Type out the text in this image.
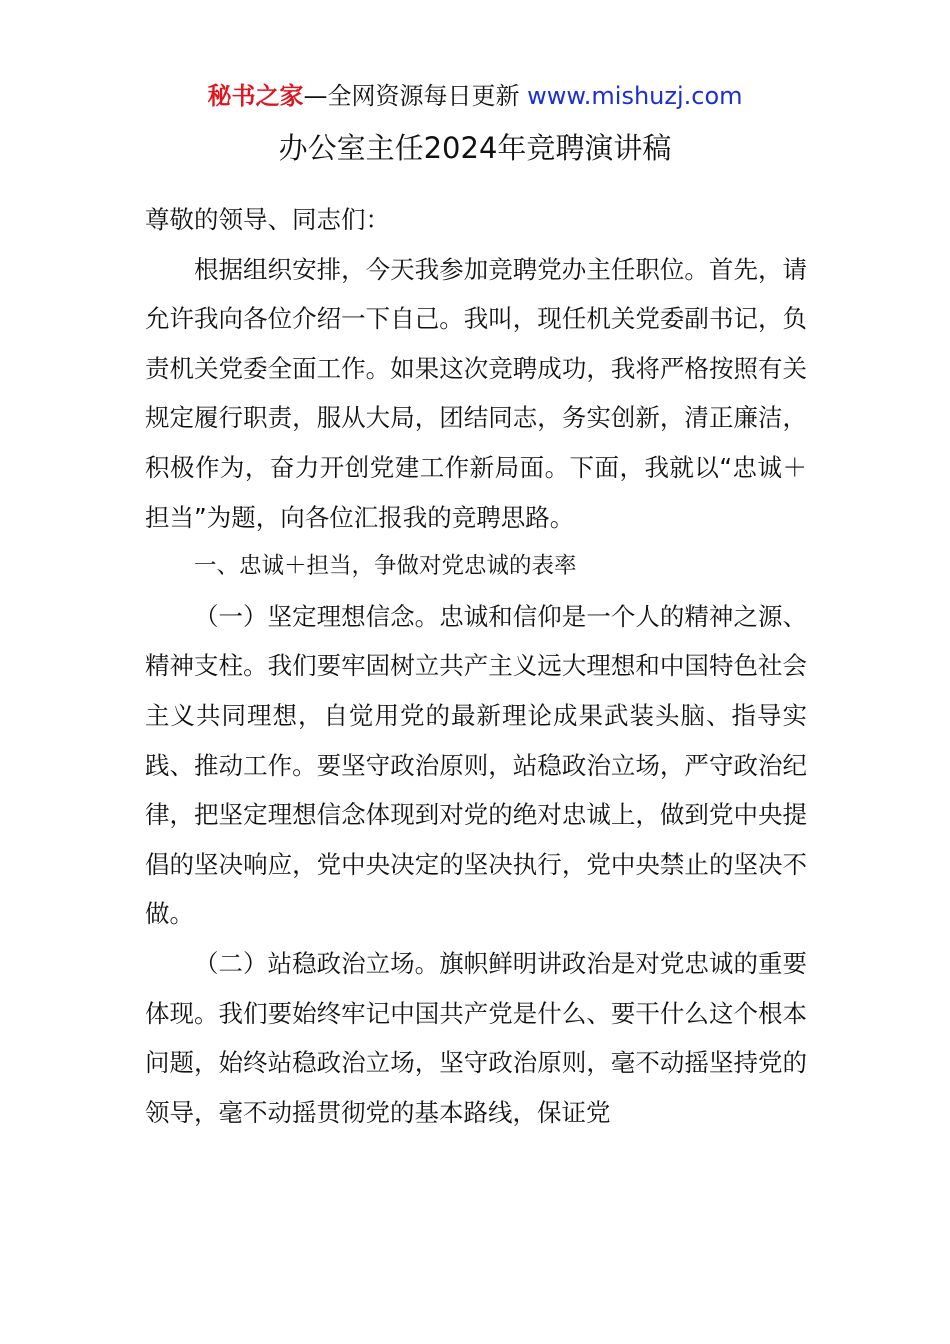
秘书之家—全网资源每日更新 www.mishuzj.com
办公室主任2024年竞聘演讲稿

尊敬的领导、同志们：

根据组织安排，今天我参加竞聘党办主任职位。首先，请允许我向各位介绍一下自己。我叫，现任机关党委副书记，负责机关党委全面工作。如果这次竞聘成功，我将严格按照有关规定履行职责，服从大局，团结同志，务实创新，清正廉洁，积极作为，奋力开创党建工作新局面。下面，我就以“忠诚＋担当”为题，向各位汇报我的竞聘思路。

一、忠诚＋担当，争做对党忠诚的表率

（一）坚定理想信念。忠诚和信仰是一个人的精神之源、精神支柱。我们要牢固树立共产主义远大理想和中国特色社会主义共同理想，自觉用党的最新理论成果武装头脑、指导实践、推动工作。要坚守政治原则，站稳政治立场，严守政治纪律，把坚定理想信念体现到对党的绝对忠诚上，做到党中央提倡的坚决响应，党中央决定的坚决执行，党中央禁止的坚决不做。

（二）站稳政治立场。旗帜鲜明讲政治是对党忠诚的重要体现。我们要始终牢记中国共产党是什么、要干什么这个根本问题，始终站稳政治立场，坚守政治原则，毫不动摇坚持党的领导，毫不动摇贯彻党的基本路线，保证党
